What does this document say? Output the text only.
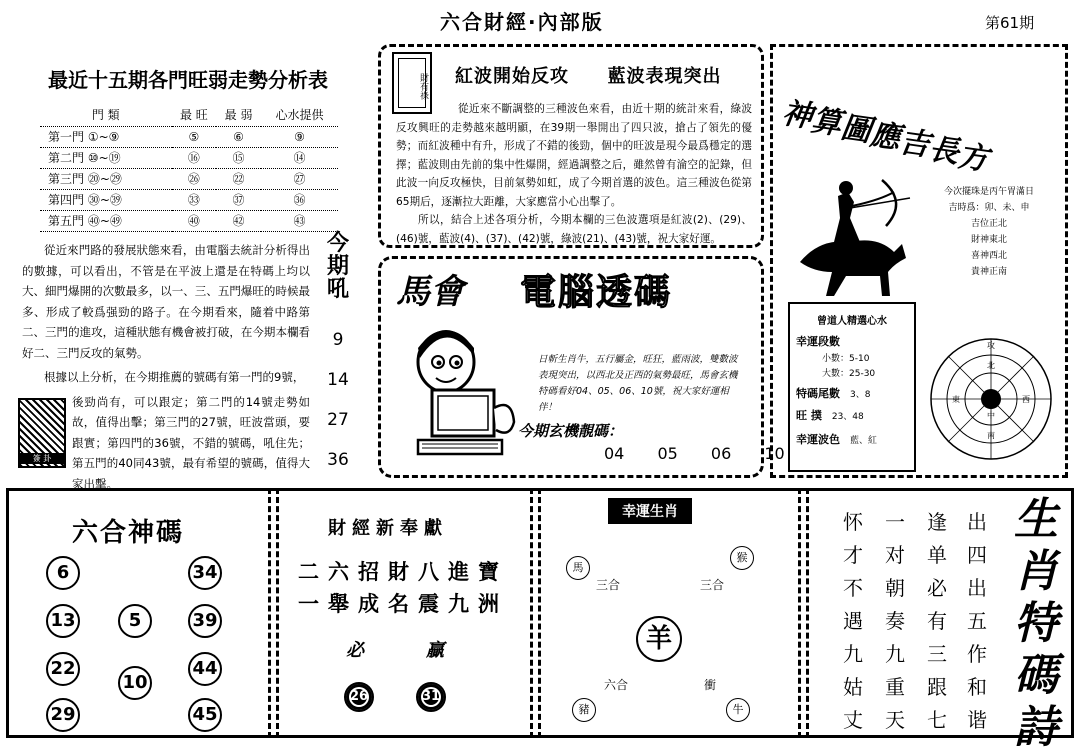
六合財經·內部版	第61期
最近十五期各門旺弱走勢分析表
門 類	最 旺	最 弱	心水提供
第一門 ①~⑨	⑤	⑥	⑨
第二門 ⑩~⑲	⑯	⑮	⑭
第三門 ⑳~㉙	㉖	㉒	㉗
第四門 ㉚~㊴	㉝	㊲	㊱
第五門 ㊵~㊾	㊵	㊷	㊸

從近來門路的發展狀態來看，由電腦去統計分析得出的數據，可以看出，不管是在平波上還是在特碼上均以大、細門爆開的次數最多，以一、三、五門爆旺的時候最多、形成了較爲强勁的路子。在今期看來，隨着中路第二、三門的進攻，這種狀態有機會被打破，在今期本欄看好二、三門反攻的氣勢。

根據以上分析，在今期推薦的號碼有第一門的9號，

後勁尚有，可以跟定；第二門的14號走勢如故，值得出擊；第三門的27號，旺波當頭，要跟實；第四門的36號，不錯的號碼，吼住先；第五門的40同43號，最有希望的號碼，值得大家出擊。

簽 卦
今
期
吼
9
14
27
36
財有祿 紅波開始反攻 藍波表現突出

從近來不斷調整的三種波色來看，由近十期的統計來看，綠波反攻興旺的走勢越來越明顯，在39期一舉開出了四只波，搶占了領先的優勢；而紅波種中有升，形成了不錯的後勁，個中的旺波是現今最爲穩定的選擇；藍波則由先前的集中性爆開，經過調整之后，雖然曾有淪空的記錄，但此波一向反攻極快，目前氣勢如虹，成了今期首選的波色。這三種波色從第65期后，逐漸拉大距離，大家應當小心出擊了。

所以，結合上述各項分析，今期本欄的三色波選項是紅波(2)、(29)、(46)號，藍波(4)、(37)、(42)號，綠波(21)、(43)號，祝大家好運。

馬會 電腦透碼
日斬生肖牛，五行屬金，旺狂，藍雨波，雙數波表現突出，以西北及正西的氣勢最旺，馬會玄機特碼看好04、05、06、10號，祝大家好運相伴！
今期玄機靚碼：
04 05 06 10
神算圖應吉長方
今次擺珠是丙午胃滿日
吉時爲：卯、未、申
吉位正北
財神東北
喜神西北
貴神正南
曾道人精選心水
幸運段數
小數：5-10
大數：25-30
特碼尾數 3、8
旺 撲 23、48
幸運波色 藍、紅
攻
北
南
東	西
中
六合神碼
6	34
13	5	39
22
10
44
29	45
財經新奉獻
二六招財八進寶
一舉成名震九洲
必	贏
26	31
幸運生肖
馬
猴
豬	牛
三合	三合
六合	衝
羊
出
四
出
五
作
和
谐
逢
单
必
有
三
跟
七
一
对
朝
奏
九
重
天
怀
才
不
遇
九
姑
丈
生
肖
特
碼
詩
